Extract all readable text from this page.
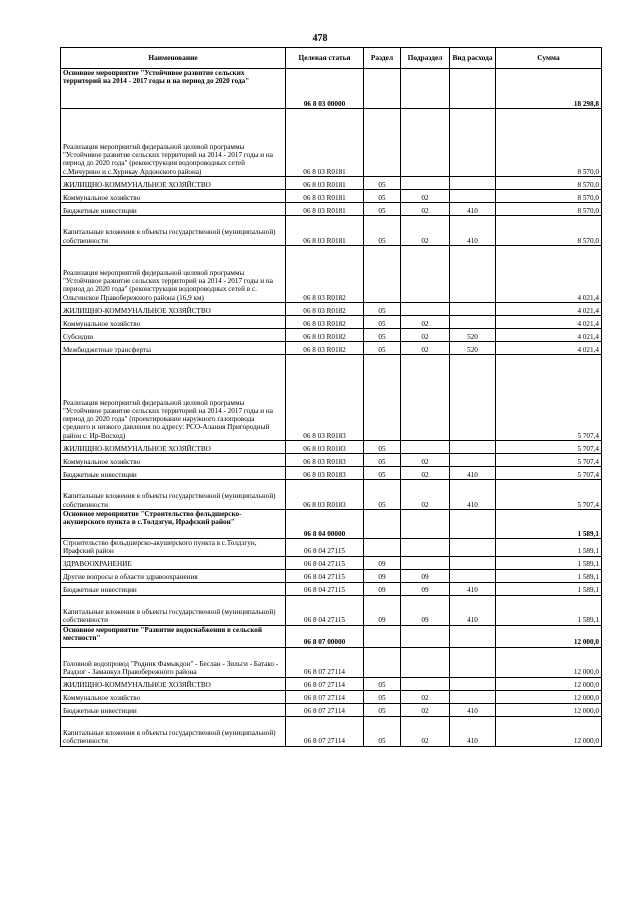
478
Наименование	Целевая статья	Раздел	Подраздел	Вид расхода	Сумма
Основное мероприятие "Устойчивое развитие сельских территорий на 2014 - 2017 годы и на период до 2020 года"	06 8 03 00000				18 298,8
Реализация мероприятий федеральной целевой программы "Устойчивое развитие сельских территорий на 2014 - 2017 годы и на период до 2020 года" (реконструкция водопроводных сетей с.Мичурино и с.Хурикау Ардонского района)	06 8 03 R0181				8 570,0
ЖИЛИЩНО-КОММУНАЛЬНОЕ ХОЗЯЙСТВО	06 8 03 R0181	05			8 570,0
Коммунальное хозяйство	06 8 03 R0181	05	02		8 570,0
Бюджетные инвестиции	06 8 03 R0181	05	02	410	8 570,0
Капитальные вложения в объекты государственной (муниципальной) собственности	06 8 03 R0181	05	02	410	8 570,0
Реализация мероприятий федеральной целевой программы "Устойчивое развитие сельских территорий на 2014 - 2017 годы и на период до 2020 года" (реконструкция водопроводных сетей в с. Ольгинское Правобережного района (16,9 км)	06 8 03 R0182				4 021,4
ЖИЛИЩНО-КОММУНАЛЬНОЕ ХОЗЯЙСТВО	06 8 03 R0182	05			4 021,4
Коммунальное хозяйство	06 8 03 R0182	05	02		4 021,4
Субсидии	06 8 03 R0182	05	02	520	4 021,4
Межбюджетные трансферты	06 8 03 R0182	05	02	520	4 021,4
Реализация мероприятий федеральной целевой программы "Устойчивое развитие сельских территорий на 2014 - 2017 годы и на период до 2020 года" (проектирование наружного газопровода среднего и низкого давления по адресу: РСО-Алания Пригородный район с. Ир-Восход)	06 8 03 R0183				5 707,4
ЖИЛИЩНО-КОММУНАЛЬНОЕ ХОЗЯЙСТВО	06 8 03 R0183	05			5 707,4
Коммунальное хозяйство	06 8 03 R0183	05	02		5 707,4
Бюджетные инвестиции	06 8 03 R0183	05	02	410	5 707,4
Капитальные вложения в объекты государственной (муниципальной) собственности	06 8 03 R0183	05	02	410	5 707,4
Основное мероприятие "Строительство фельдшерско-акушерского пункта в с.Толдзгун, Ирафский район"	06 8 04 00000				1 589,1
Строительство фельдшерско-акушерского пункта в с.Толдзгун, Ирафский район	06 8 04 27115				1 589,1
ЗДРАВООХРАНЕНИЕ	06 8 04 27115	09			1 589,1
Другие вопросы в области здравоохранения	06 8 04 27115	09	09		1 589,1
Бюджетные инвестиции	06 8 04 27115	09	09	410	1 589,1
Капитальные вложения в объекты государственной (муниципальной) собственности	06 8 04 27115	09	09	410	1 589,1
Основное мероприятие "Развитие водоснабжения в сельской местности"	06 8 07 00000				12 000,0
Головной водопровод "Родник Фамыкдон" - Беслан - Зильги - Батако - Раздзог - Заманкул Правобережного района	06 8 07 27114				12 000,0
ЖИЛИЩНО-КОММУНАЛЬНОЕ ХОЗЯЙСТВО	06 8 07 27114	05			12 000,0
Коммунальное хозяйство	06 8 07 27114	05	02		12 000,0
Бюджетные инвестиции	06 8 07 27114	05	02	410	12 000,0
Капитальные вложения в объекты государственной (муниципальной) собственности	06 8 07 27114	05	02	410	12 000,0
